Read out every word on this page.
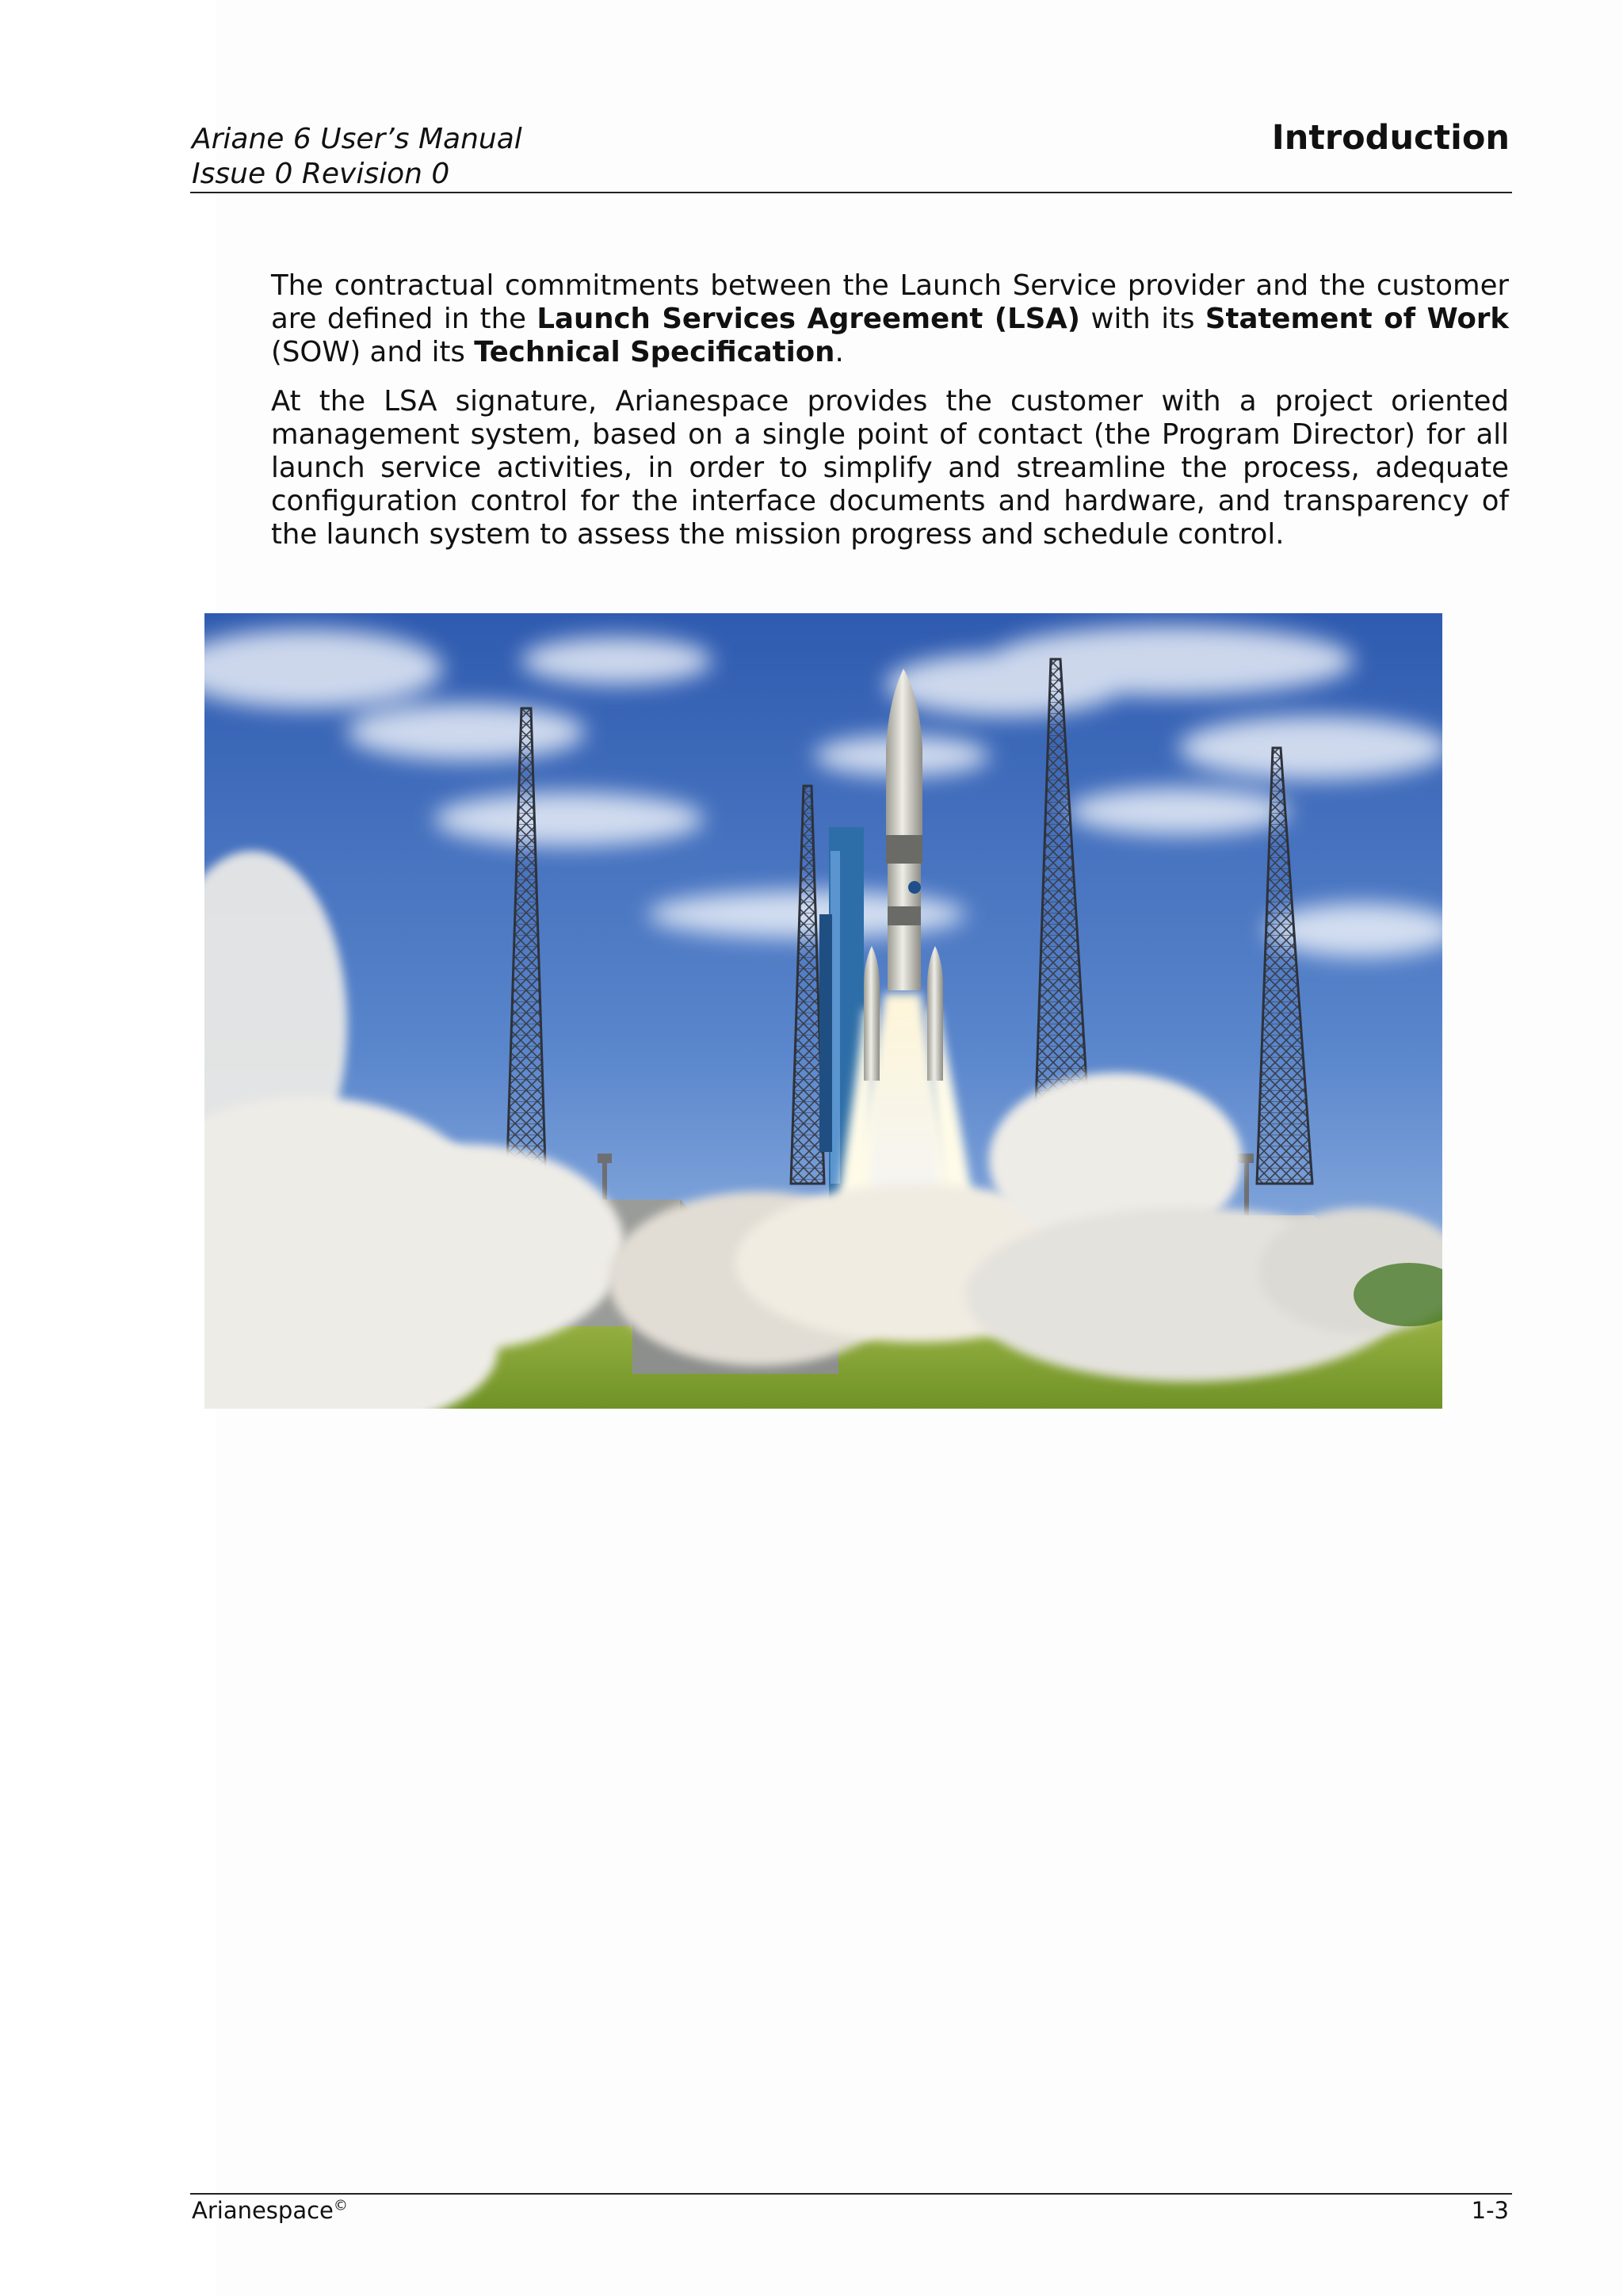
Ariane 6 User’s Manual
Issue 0 Revision 0
Introduction

The contractual commitments between the Launch Service provider and the customer are defined in the Launch Services Agreement (LSA) with its Statement of Work (SOW) and its Technical Specification.

At the LSA signature, Arianespace provides the customer with a project oriented management system, based on a single point of contact (the Program Director) for all launch service activities, in order to simplify and streamline the process, adequate configuration control for the interface documents and hardware, and transparency of the launch system to assess the mission progress and schedule control.

Arianespace©	1-3
